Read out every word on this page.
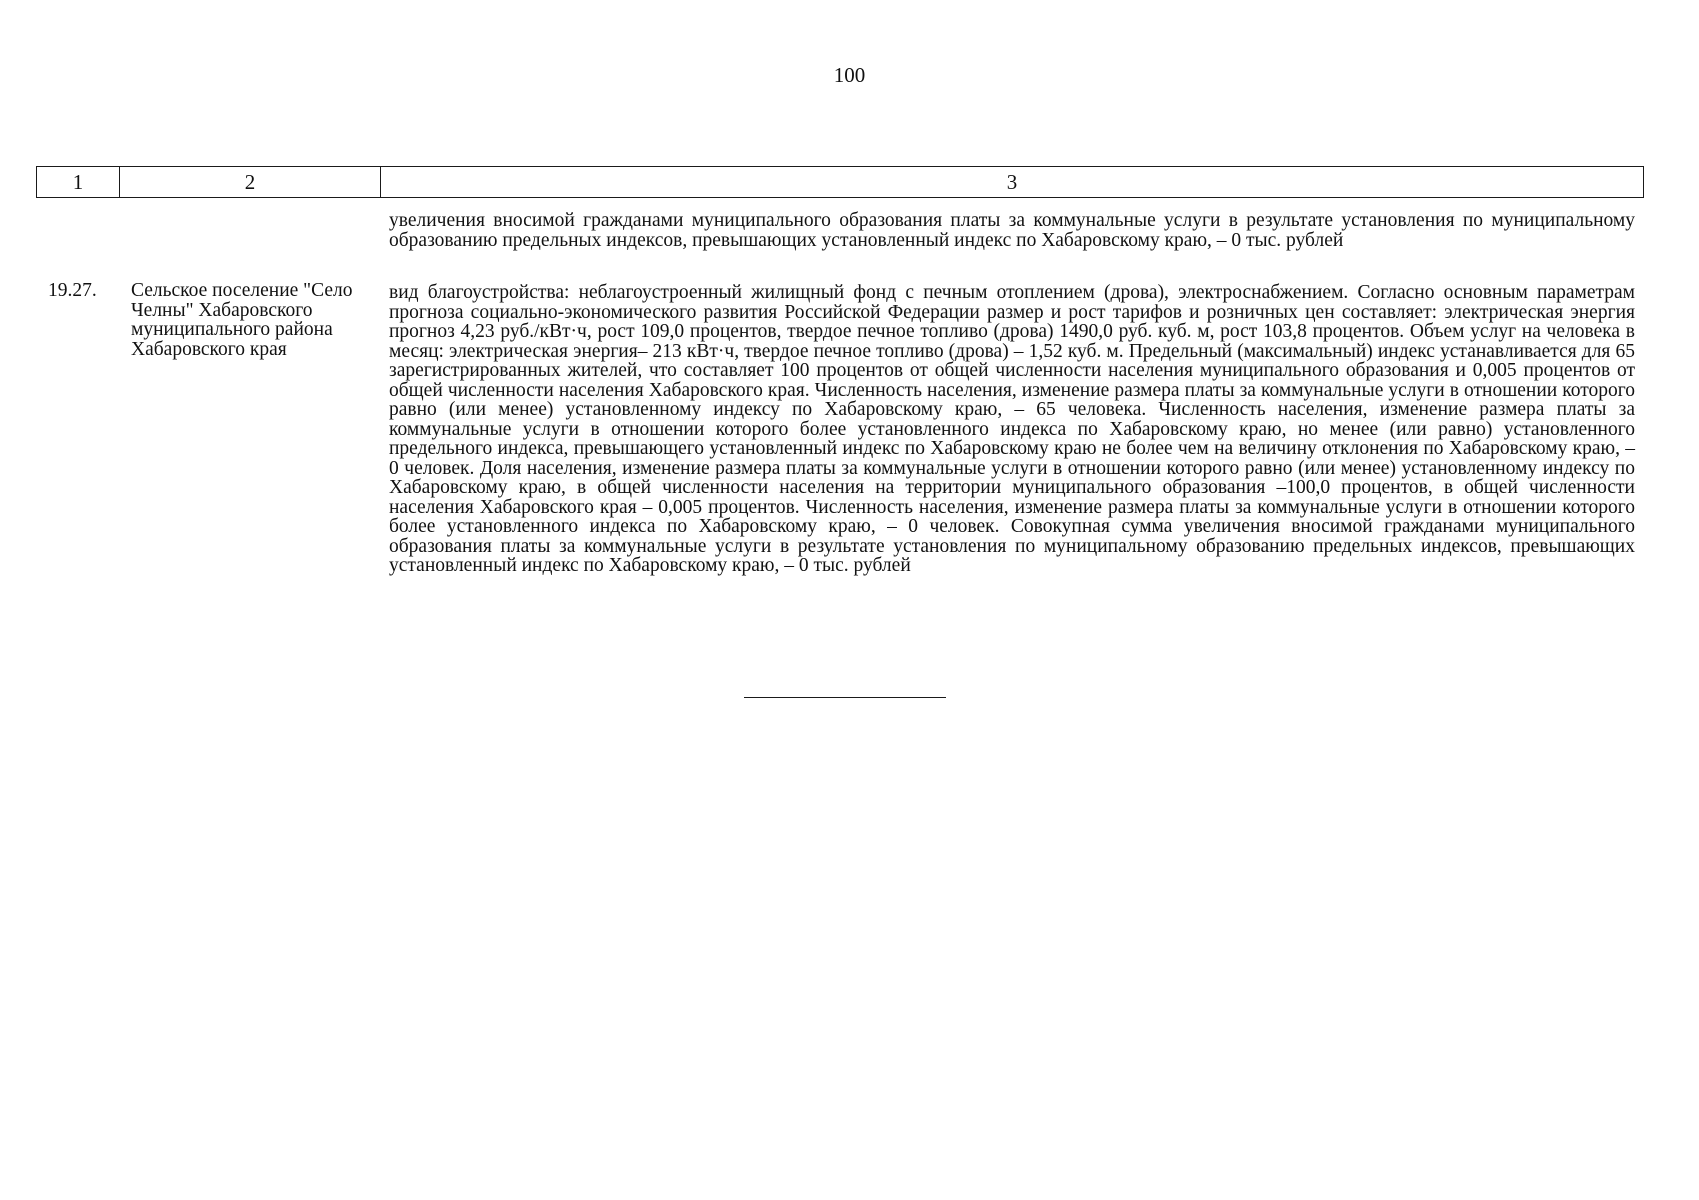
100
1	2	3
увеличения вносимой гражданами муниципального образования платы за коммунальные услуги в результате установления по муниципальному образованию предельных индексов, превышающих установленный индекс по Хабаровскому краю, – 0 тыс. рублей
19.27. Сельское поселение "Село Челны" Хабаровского муниципального района Хабаровского края
вид благоустройства: неблагоустроенный жилищный фонд с печным отоплением (дрова), электроснабжением. Согласно основным параметрам прогноза социально-экономического развития Российской Федерации размер и рост тарифов и розничных цен составляет: электрическая энергия прогноз 4,23 руб./кВт·ч, рост 109,0 процентов, твердое печное топливо (дрова) 1490,0 руб. куб. м, рост 103,8 процентов. Объем услуг на человека в месяц: электрическая энергия– 213 кВт·ч, твердое печное топливо (дрова) – 1,52 куб. м. Предельный (максимальный) индекс устанавливается для 65 зарегистрированных жителей, что составляет 100 процентов от общей численности населения муниципального образования и 0,005 процентов от общей численности населения Хабаровского края. Численность населения, изменение размера платы за коммунальные услуги в отношении которого равно (или менее) установленному индексу по Хабаровскому краю, – 65 человека. Численность населения, изменение размера платы за коммунальные услуги в отношении которого более установленного индекса по Хабаровскому краю, но менее (или равно) установленного предельного индекса, превышающего установленный индекс по Хабаровскому краю не более чем на величину отклонения по Хабаровскому краю, – 0 человек. Доля населения, изменение размера платы за коммунальные услуги в отношении которого равно (или менее) установленному индексу по Хабаровскому краю, в общей численности населения на территории муниципального образования –100,0 процентов, в общей численности населения Хабаровского края – 0,005 процентов. Численность населения, изменение размера платы за коммунальные услуги в отношении которого более установленного индекса по Хабаровскому краю, – 0 человек. Совокупная сумма увеличения вносимой гражданами муниципального образования платы за коммунальные услуги в результате установления по муниципальному образованию предельных индексов, превышающих установленный индекс по Хабаровскому краю, – 0 тыс. рублей
